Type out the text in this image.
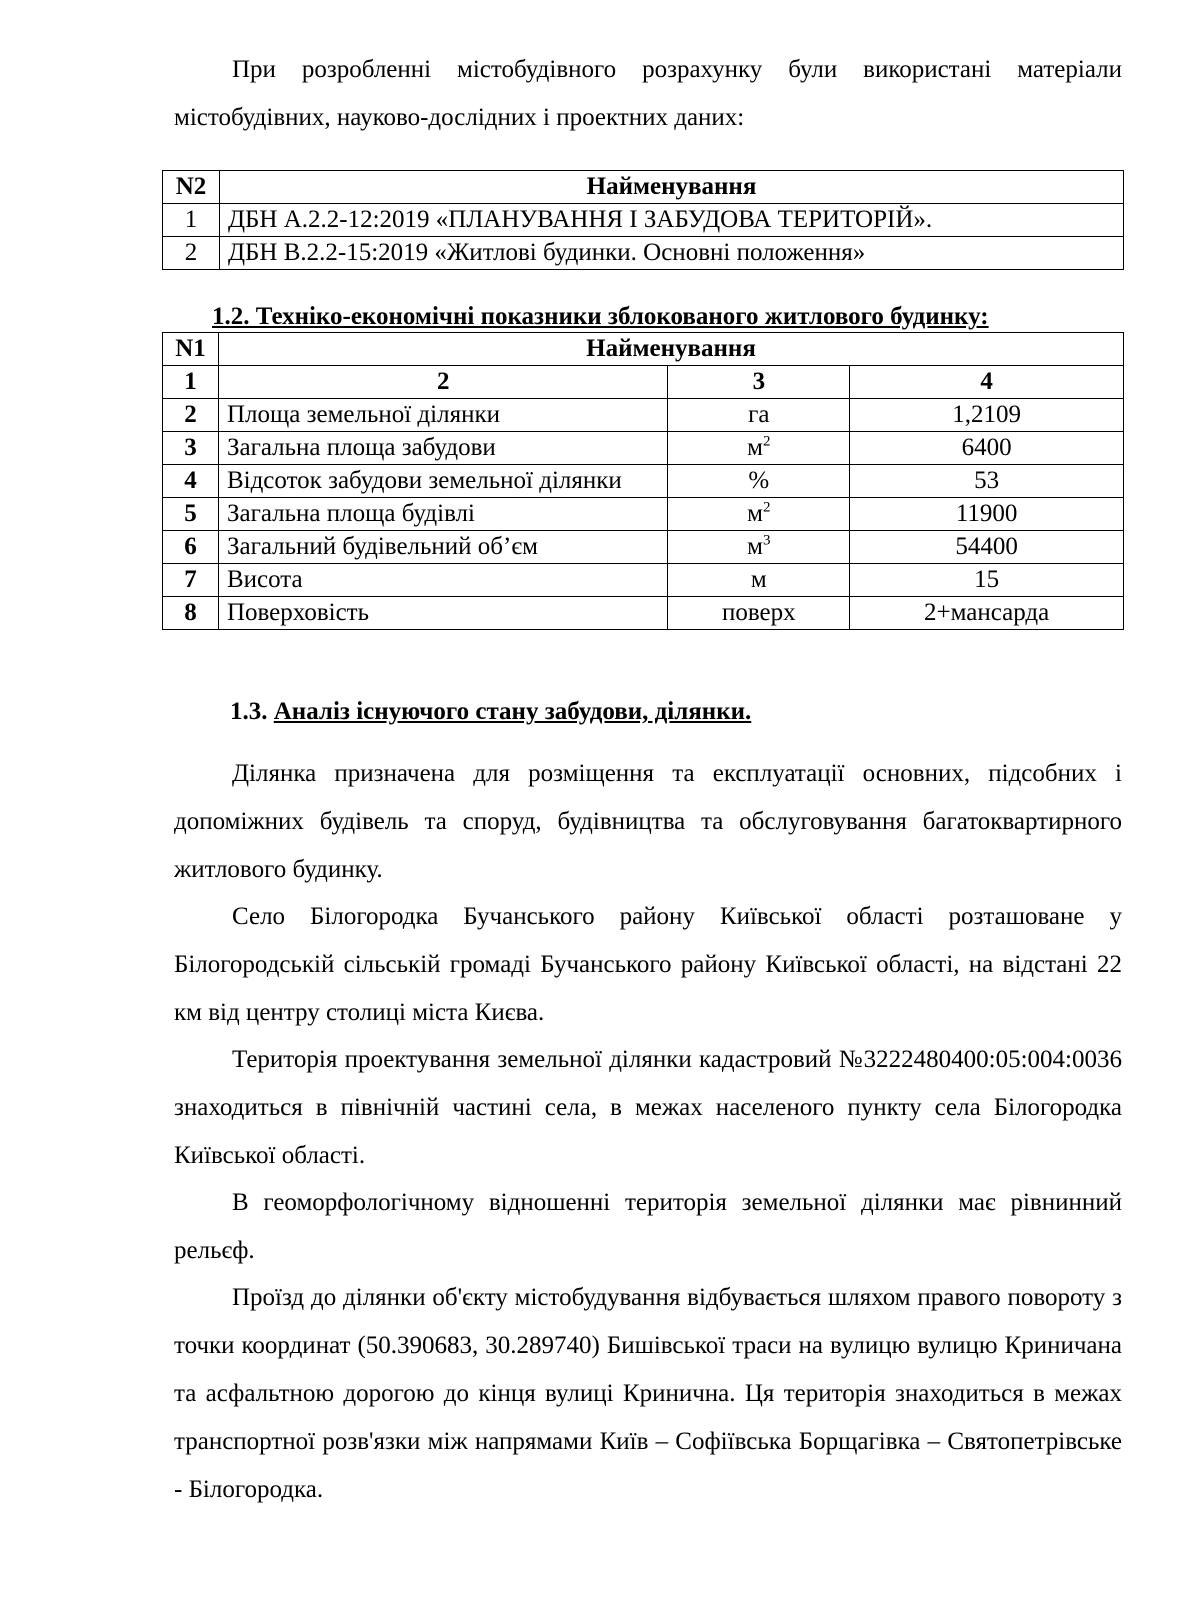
При розробленні містобудівного розрахунку були використані матеріали містобудівних, науково-дослідних і проектних даних:

N2	Найменування
1	ДБН А.2.2-12:2019 «ПЛАНУВАННЯ І ЗАБУДОВА ТЕРИТОРІЙ».
2	ДБН В.2.2-15:2019 «Житлові будинки. Основні положення»

1.2. Техніко-економічні показники зблокованого житлового будинку:

N1	Найменування		
1	2	3	4
2	Площа земельної ділянки	га	1,2109
3	Загальна площа забудови	$м^2$	6400
4	Відсоток забудови земельної ділянки	%	53
5	Загальна площа будівлі	$м^2$	11900
6	Загальний будівельний об’єм	$м^3$	54400
7	Висота	м	15
8	Поверховість	поверх	2+мансарда

1.3. Аналіз існуючого стану забудови, ділянки.

Ділянка призначена для розміщення та експлуатації основних, підсобних і допоміжних будівель та споруд, будівництва та обслуговування багатоквартирного житлового будинку.

Село Білогородка Бучанського району Київської області розташоване у Білогородській сільській громаді Бучанського району Київської області, на відстані 22 км від центру столиці міста Києва.

Територія проектування земельної ділянки кадастровий №3222480400:05:004:0036 знаходиться в північній частині села, в межах населеного пункту села Білогородка Київської області.

В геоморфологічному відношенні територія земельної ділянки має рівнинний рельєф.

Проїзд до ділянки об'єкту містобудування відбувається шляхом правого повороту з точки координат (50.390683, 30.289740) Бишівської траси на вулицю вулицю Криничана та асфальтною дорогою до кінця вулиці Кринична. Ця територія знаходиться в межах транспортної розв'язки між напрямами Київ – Софіївська Борщагівка – Святопетрівське - Білогородка.
